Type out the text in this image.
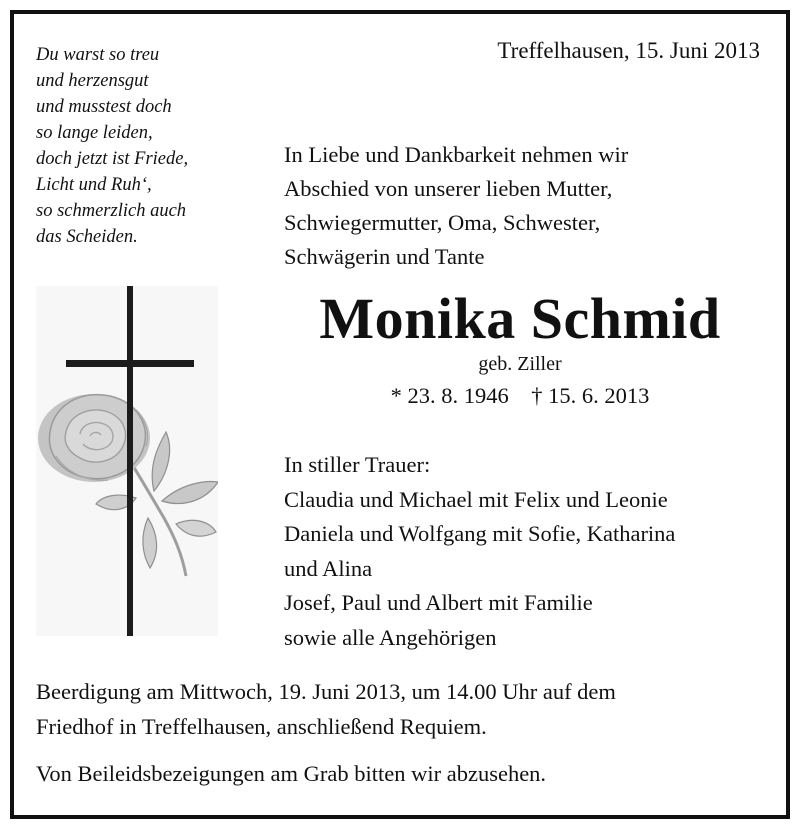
Du warst so treu
und herzensgut
und musstest doch
so lange leiden,
doch jetzt ist Friede,
Licht und Ruh‘,
so schmerzlich auch
das Scheiden.
Treffelhausen, 15. Juni 2013
In Liebe und Dankbarkeit nehmen wir
Abschied von unserer lieben Mutter,
Schwiegermutter, Oma, Schwester,
Schwägerin und Tante
Monika Schmid
geb. Ziller
* 23. 8. 1946    † 15. 6. 2013
In stiller Trauer:
Claudia und Michael mit Felix und Leonie
Daniela und Wolfgang mit Sofie, Katharina
und Alina
Josef, Paul und Albert mit Familie
sowie alle Angehörigen
Beerdigung am Mittwoch, 19. Juni 2013, um 14.00 Uhr auf dem
Friedhof in Treffelhausen, anschließend Requiem.
Von Beileidsbezeigungen am Grab bitten wir abzusehen.
